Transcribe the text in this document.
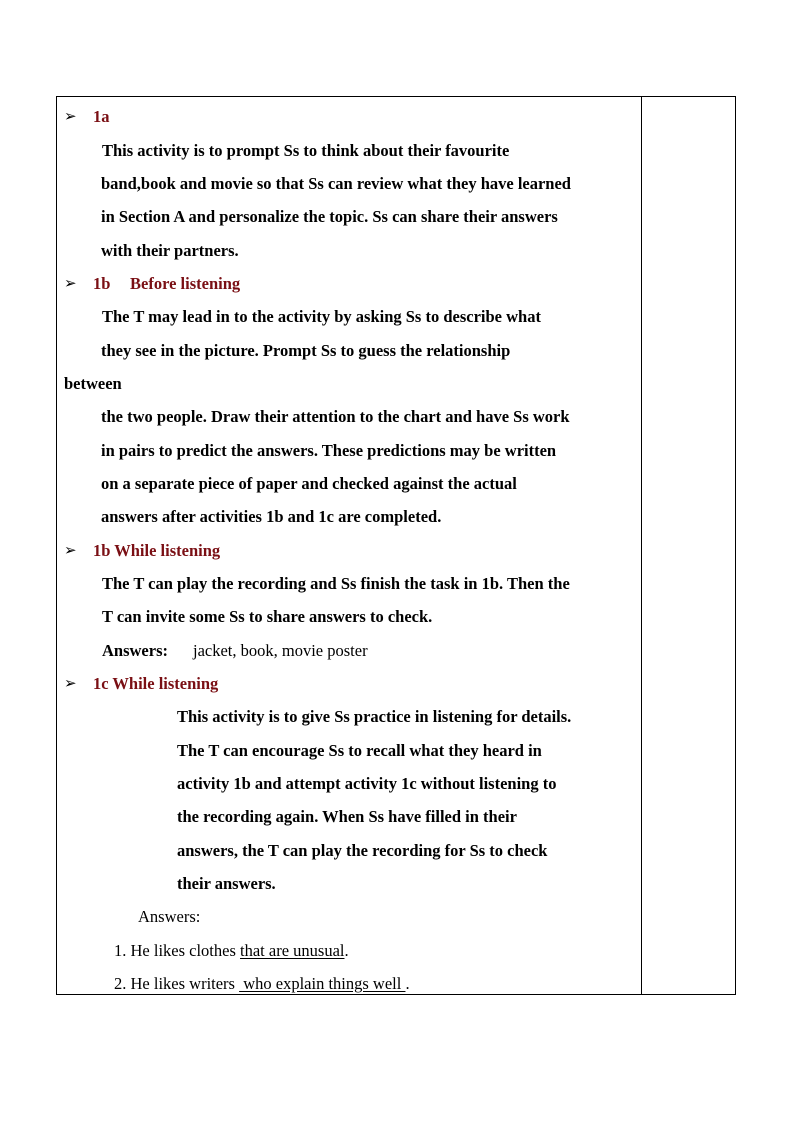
➢ 1a
This activity is to prompt Ss to think about their favourite
band,book and movie so that Ss can review what they have learned
in Section A and personalize the topic. Ss can share their answers
with their partners.
➢ 1b Before listening
The T may lead in to the activity by asking Ss to describe what
they see in the picture. Prompt Ss to guess the relationship
between
the two people. Draw their attention to the chart and have Ss work
in pairs to predict the answers. These predictions may be written
on a separate piece of paper and checked against the actual
answers after activities 1b and 1c are completed.
➢ 1b While listening
The T can play the recording and Ss finish the task in 1b. Then the
T can invite some Ss to share answers to check.
Answers: jacket, book, movie poster
➢ 1c While listening
This activity is to give Ss practice in listening for details.
The T can encourage Ss to recall what they heard in
activity 1b and attempt activity 1c without listening to
the recording again. When Ss have filled in their
answers, the T can play the recording for Ss to check
their answers.
Answers:
1. He likes clothes that are unusual.
2. He likes writers  who explain things well .
